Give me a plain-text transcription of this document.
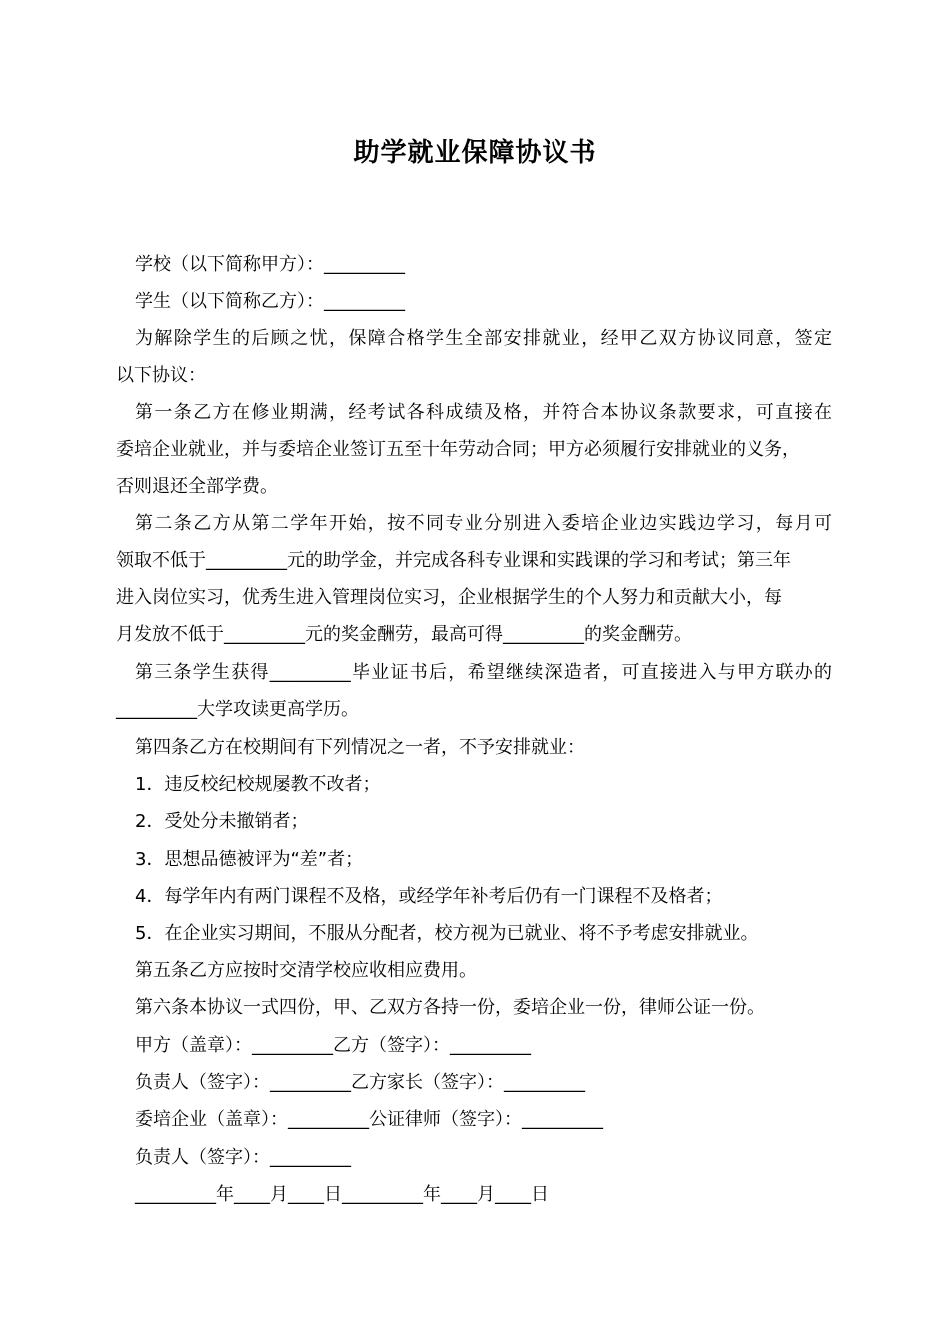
助学就业保障协议书
学校（以下简称甲方）：_________
学生（以下简称乙方）：_________
为解除学生的后顾之忧，保障合格学生全部安排就业，经甲乙双方协议同意，签定
以下协议：
第一条乙方在修业期满，经考试各科成绩及格，并符合本协议条款要求，可直接在
委培企业就业，并与委培企业签订五至十年劳动合同；甲方必须履行安排就业的义务，
否则退还全部学费。
第二条乙方从第二学年开始，按不同专业分别进入委培企业边实践边学习，每月可
领取不低于_________元的助学金，并完成各科专业课和实践课的学习和考试；第三年
进入岗位实习，优秀生进入管理岗位实习，企业根据学生的个人努力和贡献大小，每
月发放不低于_________元的奖金酬劳，最高可得_________的奖金酬劳。
第三条学生获得_________毕业证书后，希望继续深造者，可直接进入与甲方联办的
_________大学攻读更高学历。
第四条乙方在校期间有下列情况之一者，不予安排就业：
1．违反校纪校规屡教不改者；
2．受处分未撤销者；
3．思想品德被评为“差”者；
4．每学年内有两门课程不及格，或经学年补考后仍有一门课程不及格者；
5．在企业实习期间，不服从分配者，校方视为已就业、将不予考虑安排就业。
第五条乙方应按时交清学校应收相应费用。
第六条本协议一式四份，甲、乙双方各持一份，委培企业一份，律师公证一份。
甲方（盖章）：_________乙方（签字）：_________
负责人（签字）：_________乙方家长（签字）：_________
委培企业（盖章）：_________公证律师（签字）：_________
负责人（签字）：_________
_________年____月____日_________年____月____日
